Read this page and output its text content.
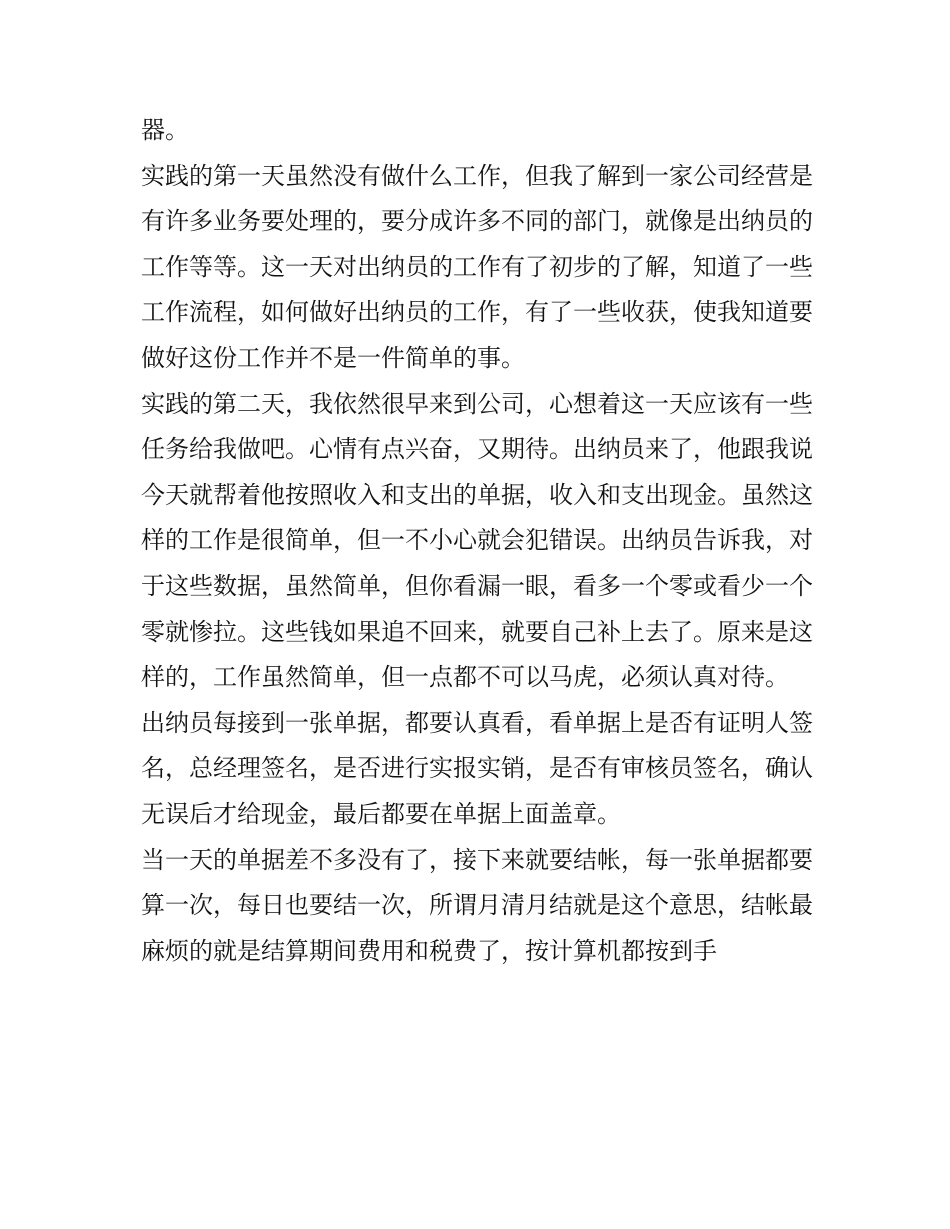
器。

实践的第一天虽然没有做什么工作，但我了解到一家公司经营是有许多业务要处理的，要分成许多不同的部门，就像是出纳员的工作等等。这一天对出纳员的工作有了初步的了解，知道了一些工作流程，如何做好出纳员的工作，有了一些收获，使我知道要做好这份工作并不是一件简单的事。

实践的第二天，我依然很早来到公司，心想着这一天应该有一些任务给我做吧。心情有点兴奋，又期待。出纳员来了，他跟我说今天就帮着他按照收入和支出的单据，收入和支出现金。虽然这样的工作是很简单，但一不小心就会犯错误。出纳员告诉我，对于这些数据，虽然简单，但你看漏一眼，看多一个零或看少一个零就惨拉。这些钱如果追不回来，就要自己补上去了。原来是这样的，工作虽然简单，但一点都不可以马虎，必须认真对待。

出纳员每接到一张单据，都要认真看，看单据上是否有证明人签名，总经理签名，是否进行实报实销，是否有审核员签名，确认无误后才给现金，最后都要在单据上面盖章。

当一天的单据差不多没有了，接下来就要结帐，每一张单据都要算一次，每日也要结一次，所谓月清月结就是这个意思，结帐最麻烦的就是结算期间费用和税费了，按计算机都按到手
